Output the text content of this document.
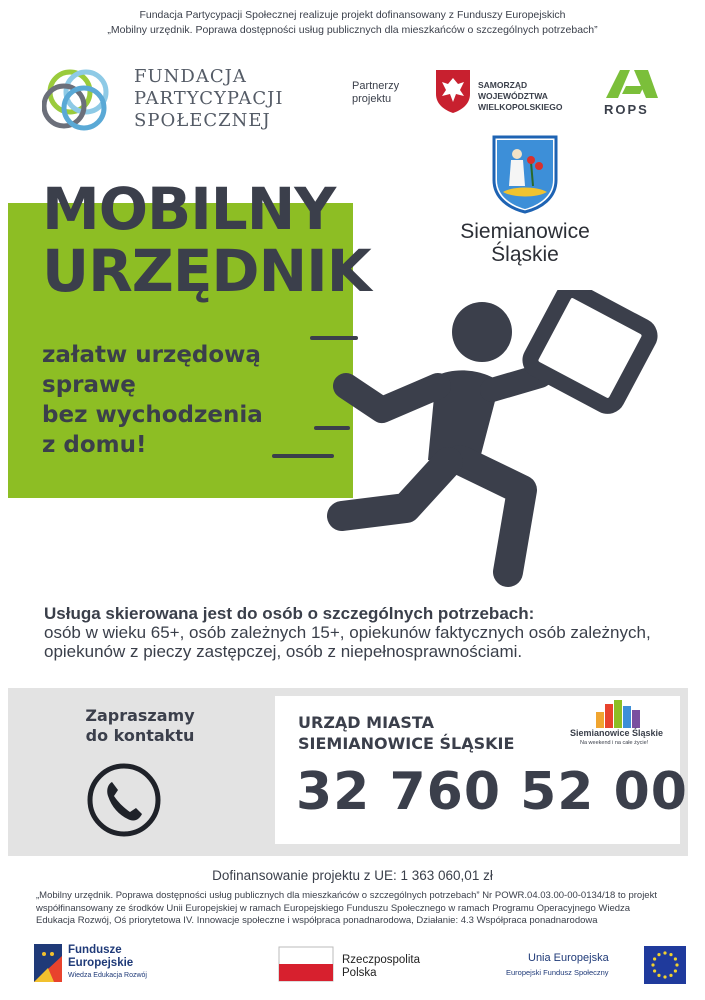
Fundacja Partycypacji Społecznej realizuje projekt dofinansowany z Funduszy Europejskich
„Mobilny urzędnik. Poprawa dostępności usług publicznych dla mieszkańców o szczególnych potrzebach”
FUNDACJA
PARTYCYPACJI
SPOŁECZNEJ
Partnerzy
projektu
SAMORZĄD WOJEWÓDZTWA
WIELKOPOLSKIEGO	ROPS
Siemianowice
Śląskie
MOBILNY
URZĘDNIK
załatw urzędową
sprawę
bez wychodzenia
z domu!
Usługa skierowana jest do osób o szczególnych potrzebach:
osób w wieku 65+, osób zależnych 15+, opiekunów faktycznych osób zależnych,
opiekunów z pieczy zastępczej, osób z niepełnosprawnościami.
Zapraszamy
do kontaktu
URZĄD MIASTA
SIEMIANOWICE ŚLĄSKIE
32 760 52 00
Siemianowice Śląskie
Na weekend i na całe życie!
Dofinansowanie projektu z UE: 1 363 060,01 zł
„Mobilny urzędnik. Poprawa dostępności usług publicznych dla mieszkańców o szczególnych potrzebach” Nr POWR.04.03.00-00-0134/18 to projekt
współfinansowany ze środków Unii Europejskiej w ramach Europejskiego Funduszu Społecznego w ramach Programu Operacyjnego Wiedza
Edukacja Rozwój, Oś priorytetowa IV. Innowacje społeczne i współpraca ponadnarodowa, Działanie: 4.3 Współpraca ponadnarodowa
Fundusze
Europejskie
Wiedza Edukacja Rozwój
Rzeczpospolita
Polska
Unia Europejska
Europejski Fundusz Społeczny
